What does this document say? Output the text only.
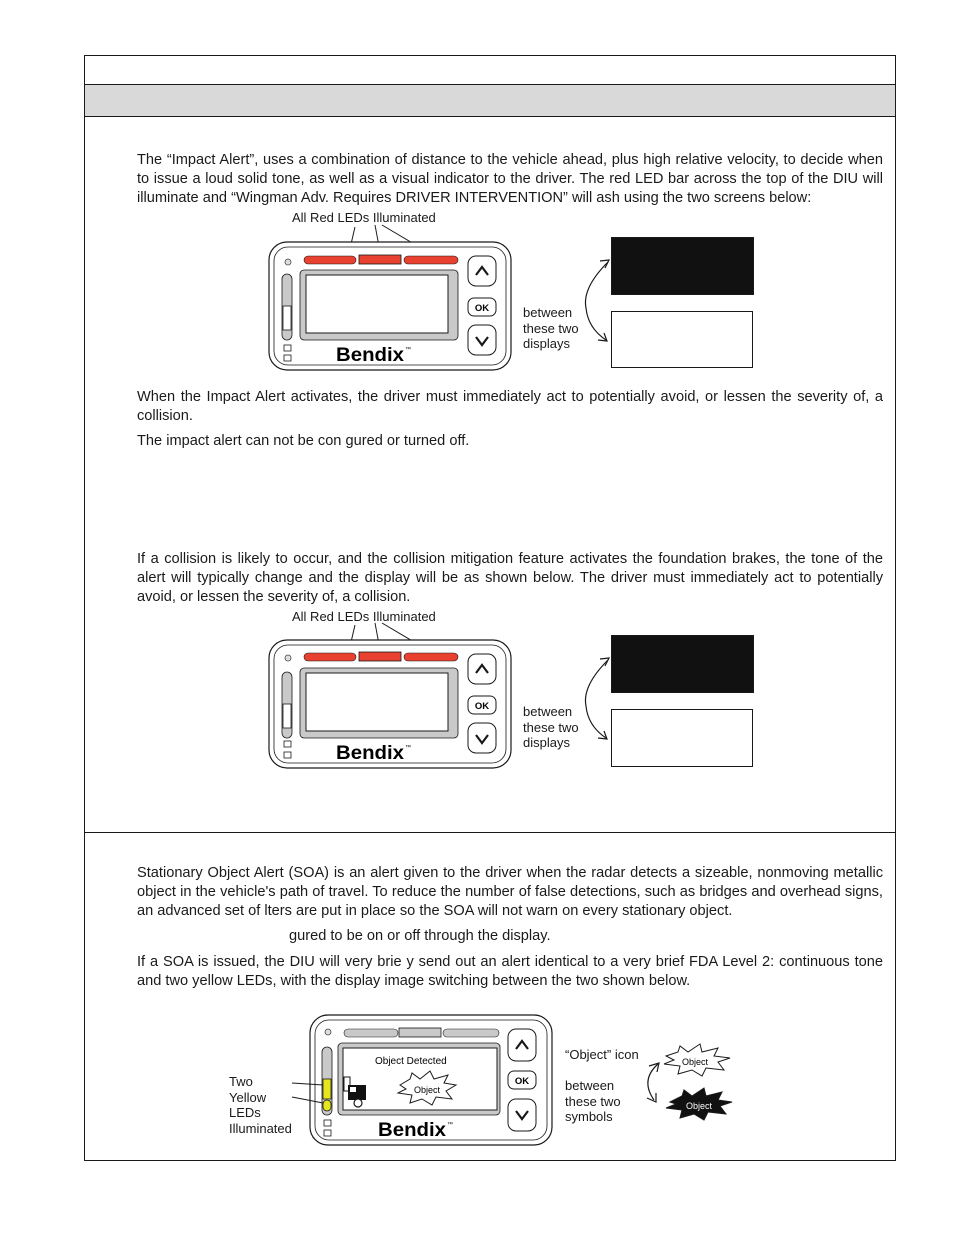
The “Impact Alert”, uses a combination of distance to the vehicle ahead, plus high relative velocity, to decide when to issue a loud solid tone, as well as a visual indicator to the driver. The red LED bar across the top of the DIU will illuminate and “Wingman Adv. Requires DRIVER INTERVENTION” will ash using the two screens below:

All Red LEDs Illuminated
OK
Bendix ™
between
these two
displays

When the Impact Alert activates, the driver must immediately act to potentially avoid, or lessen the severity of, a collision.

The impact alert can not be con gured or turned off.

If a collision is likely to occur, and the collision mitigation feature activates the foundation brakes, the tone of the alert will typically change and the display will be as shown below. The driver must immediately act to potentially avoid, or lessen the severity of, a collision.

All Red LEDs Illuminated
OK
Bendix ™
between
these two
displays

Stationary Object Alert (SOA) is an alert given to the driver when the radar detects a sizeable, nonmoving metallic object in the vehicle's path of travel. To reduce the number of false detections, such as bridges and overhead signs, an advanced set of lters are put in place so the SOA will not warn on every stationary object.

gured to be on or off through the display.

If a SOA is issued, the DIU will very brie y send out an alert identical to a very brief FDA Level 2: continuous tone and two yellow LEDs, with the display image switching between the two shown below.

Object Detected
Object
OK
Bendix ™
Two
Yellow
LEDs
Illuminated
“Object” icon
between
these two
symbols
Object
Object
